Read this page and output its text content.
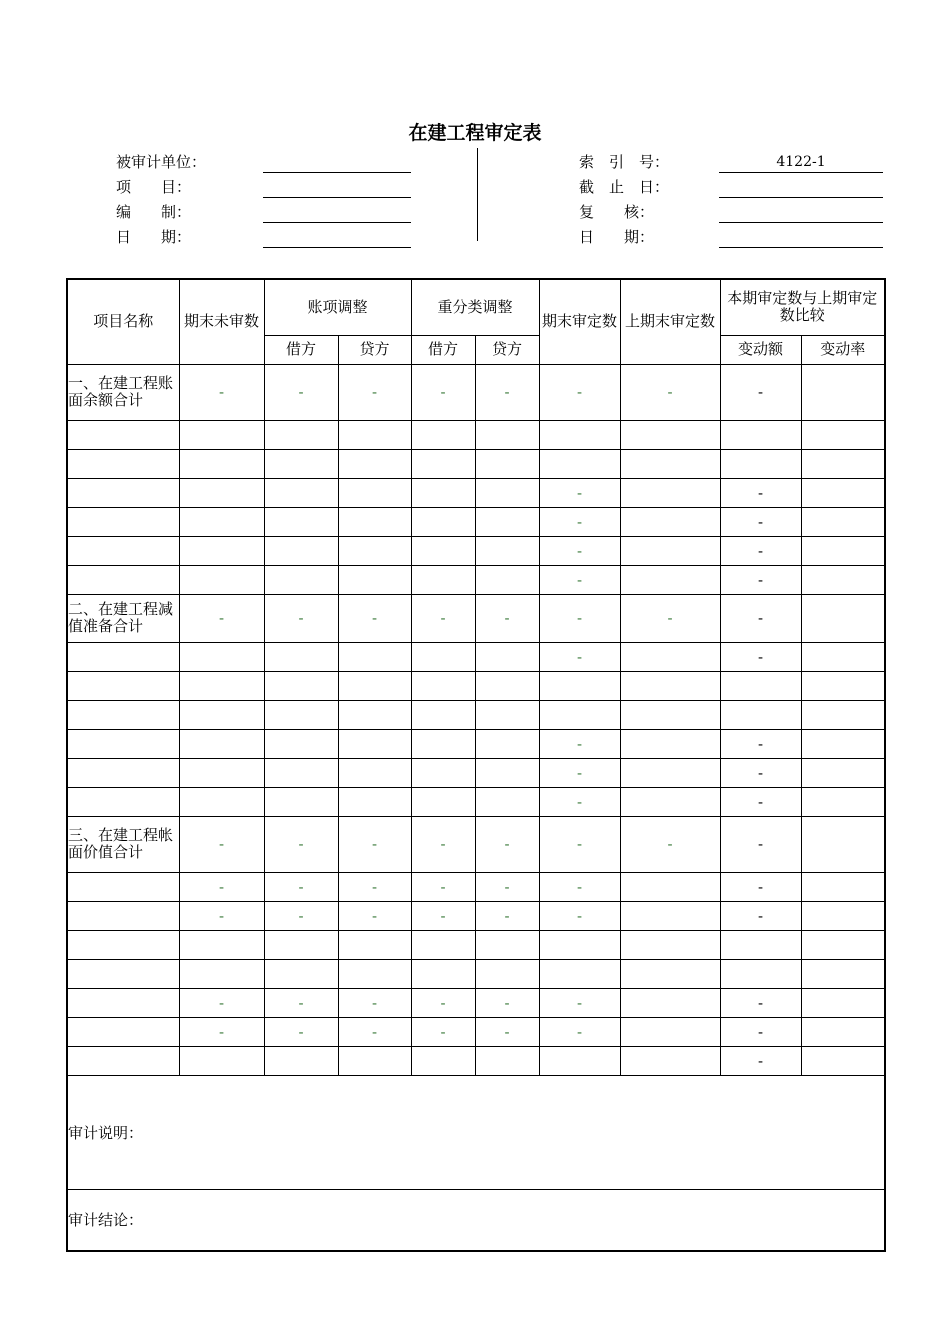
在建工程审定表
被审计单位：
项　　目：
编　　制：
日　　期：
索　引　号：
截　止　日：
复　　核：
日　　期：
4122-1
项目名称	期末未审数	账项调整		重分类调整		期末审定数	上期末审定数	本期审定数与上期审定数比较	
		借方	贷方	借方	贷方			变动额	变动率
一、在建工程账面余额合计	-	-	-	-	-	-	-	-	

						-		-	
						-		-	
						-		-	
						-		-	
二、在建工程减值准备合计	-	-	-	-	-	-	-	-	
						-		-	

						-		-	
						-		-	
						-		-	
三、在建工程帐面价值合计	-	-	-	-	-	-	-	-	
	-	-	-	-	-	-		-	
	-	-	-	-	-	-		-	

	-	-	-	-	-	-		-	
	-	-	-	-	-	-		-	
								-	
审计说明：									
审计结论：									
